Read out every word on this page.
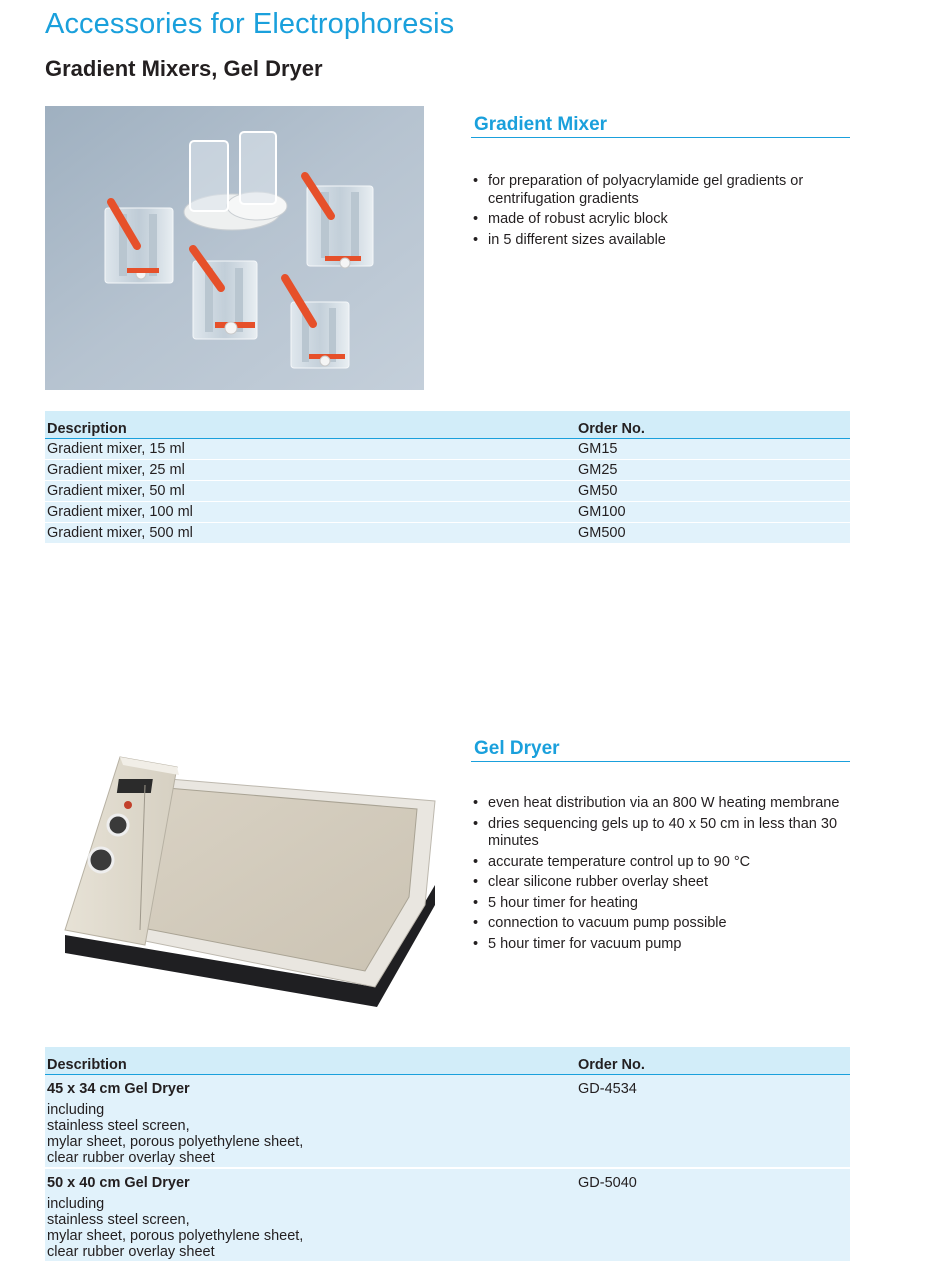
Accessories for Electrophoresis
Gradient Mixers, Gel Dryer
Gradient Mixer
• for preparation of polyacrylamide gel gradients or centrifugation gradients
• made of robust acrylic block
• in 5 different sizes available
Description	Order No.
Gradient mixer, 15 ml	GM15
Gradient mixer, 25 ml	GM25
Gradient mixer, 50 ml	GM50
Gradient mixer, 100 ml	GM100
Gradient mixer, 500 ml	GM500
Gel Dryer
• even heat distribution via an 800 W heating membrane
• dries sequencing gels up to 40 x 50 cm in less than 30 minutes
• accurate temperature control up to 90 °C
• clear silicone rubber overlay sheet
• 5 hour timer for heating
• connection to vacuum pump possible
• 5 hour timer for vacuum pump
Describtion	Order No.
45 x 34 cm Gel Dryer	GD-4534

including
stainless steel screen,
mylar sheet, porous polyethylene sheet,
clear rubber overlay sheet	

50 x 40 cm Gel Dryer	GD-5040

including
stainless steel screen,
mylar sheet, porous polyethylene sheet,
clear rubber overlay sheet	
